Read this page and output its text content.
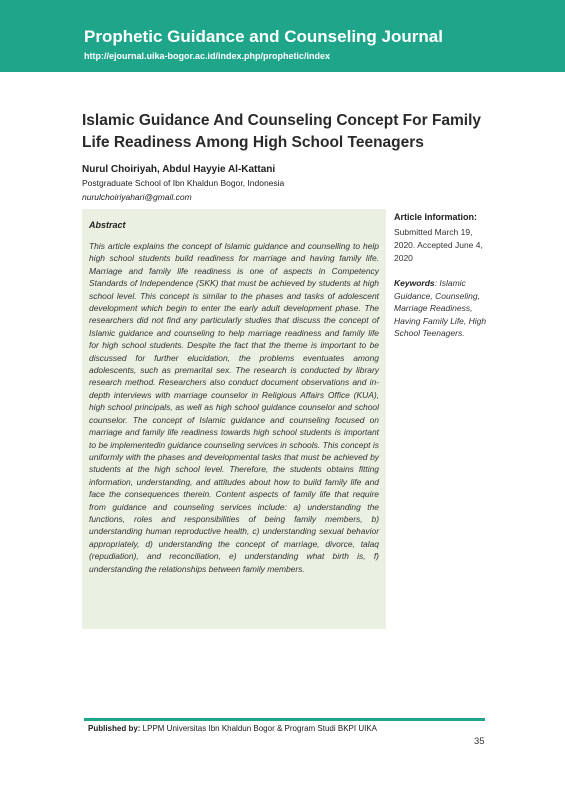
Prophetic Guidance and Counseling Journal
http://ejournal.uika-bogor.ac.id/index.php/prophetic/index
Islamic Guidance And Counseling Concept For Family Life Readiness Among High School Teenagers
Nurul Choiriyah, Abdul Hayyie Al-Kattani
Postgraduate School of Ibn Khaldun Bogor, Indonesia
nurulchoiriyahari@gmail.com
Abstract
This article explains the concept of Islamic guidance and counselling to help high school students build readiness for marriage and having family life. Marriage and family life readiness is one of aspects in Competency Standards of Independence (SKK) that must be achieved by students at high school level. This concept is similar to the phases and tasks of adolescent development which begin to enter the early adult development phase. The researchers did not find any particularly studies that discuss the concept of Islamic guidance and counseling to help marriage readiness and family life for high school students. Despite the fact that the theme is important to be discussed for further elucidation, the problems eventuates among adolescents, such as premarital sex. The research is conducted by library research method. Researchers also conduct document observations and in-depth interviews with marriage counselor in Religious Affairs Office (KUA), high school principals, as well as high school guidance counselor and school counselor. The concept of Islamic guidance and counseling focused on marriage and family life readiness towards high school students is important to be implementedin guidance counseling services in schools. This concept is uniformly with the phases and developmental tasks that must be achieved by students at the high school level. Therefore, the students obtains fitting information, understanding, and attitudes about how to build family life and face the consequences therein. Content aspects of family life that require from guidance and counseling services include: a) understanding the functions, roles and responsibilities of being family members, b) understanding human reproductive health, c) understanding sexual behavior appropriately, d) understanding the concept of marriage, divorce, talaq (repudiation), and reconciliation, e) understanding what birth is, f) understanding the relationships between family members.
Article Information:
Submitted March 19, 2020. Accepted June 4, 2020
Keywords: Islamic Guidance, Counseling, Marriage Readiness, Having Family Life, High School Teenagers.
Published by: LPPM Universitas Ibn Khaldun Bogor & Program Studi BKPI UIKA
35
